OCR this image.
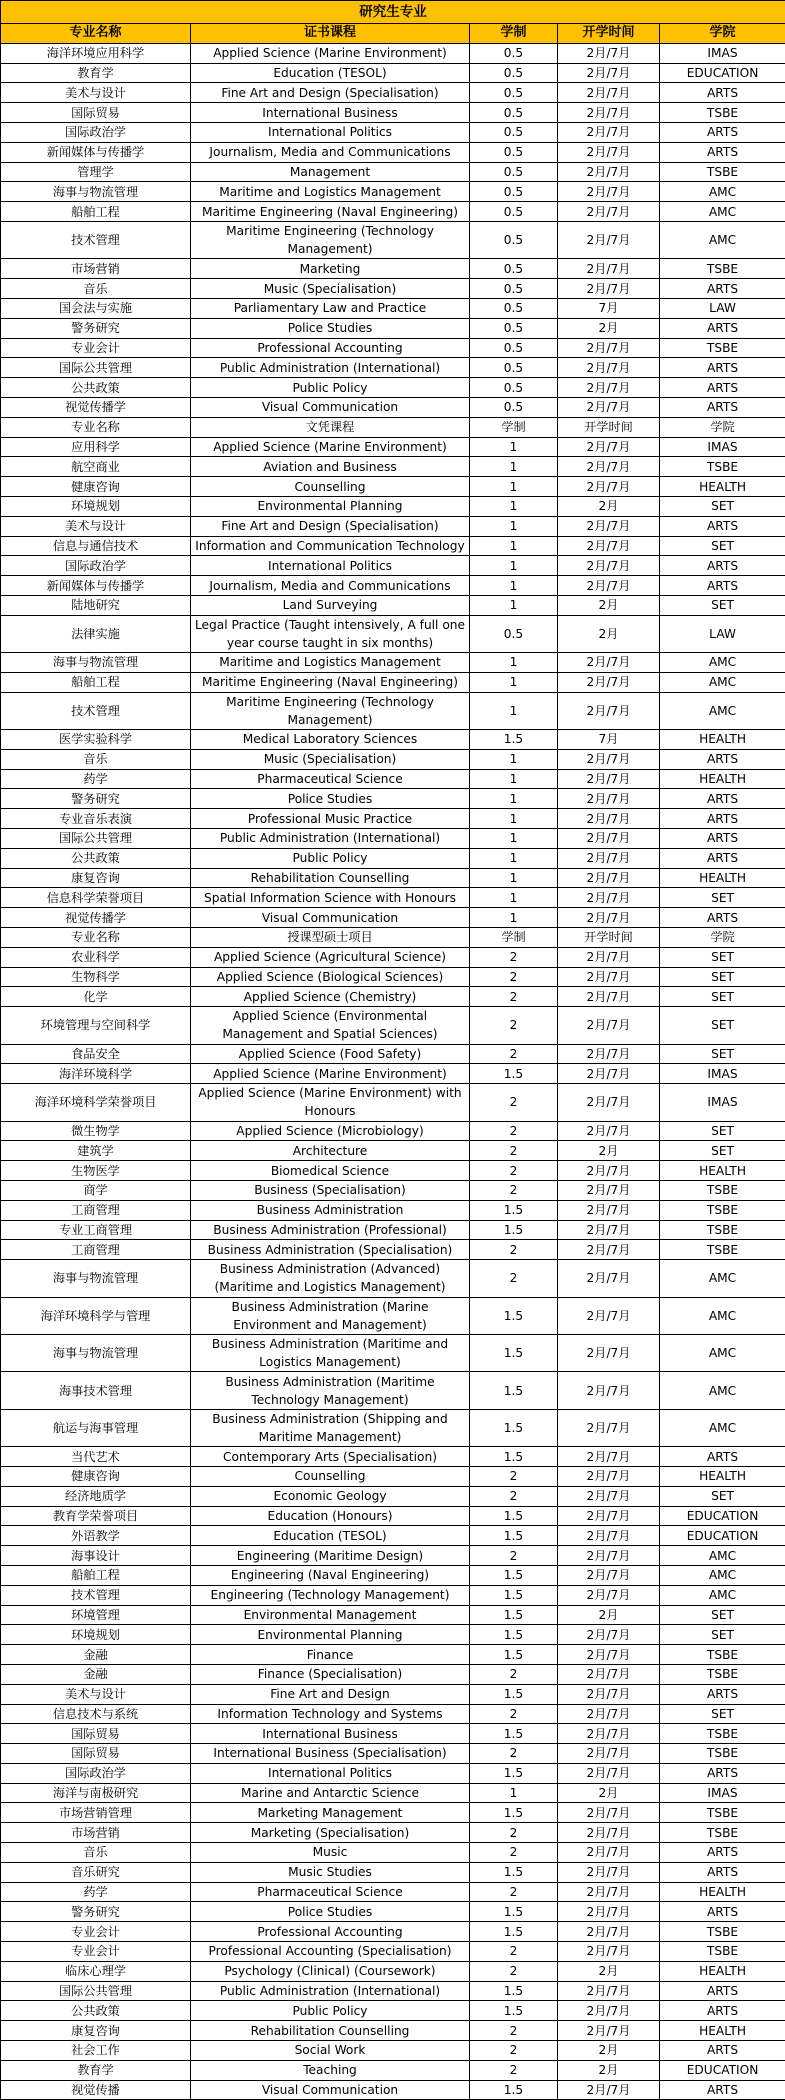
研究生专业				
专业名称	证书课程	学制	开学时间	学院
海洋环境应用科学	Applied Science (Marine Environment)	0.5	2月/7月	IMAS
教育学	Education (TESOL)	0.5	2月/7月	EDUCATION
美术与设计	Fine Art and Design (Specialisation)	0.5	2月/7月	ARTS
国际贸易	International Business	0.5	2月/7月	TSBE
国际政治学	International Politics	0.5	2月/7月	ARTS
新闻媒体与传播学	Journalism, Media and Communications	0.5	2月/7月	ARTS
管理学	Management	0.5	2月/7月	TSBE
海事与物流管理	Maritime and Logistics Management	0.5	2月/7月	AMC
船舶工程	Maritime Engineering (Naval Engineering)	0.5	2月/7月	AMC
技术管理	Maritime Engineering (Technology Management)	0.5	2月/7月	AMC
市场营销	Marketing	0.5	2月/7月	TSBE
音乐	Music (Specialisation)	0.5	2月/7月	ARTS
国会法与实施	Parliamentary Law and Practice	0.5	7月	LAW
警务研究	Police Studies	0.5	2月	ARTS
专业会计	Professional Accounting	0.5	2月/7月	TSBE
国际公共管理	Public Administration (International)	0.5	2月/7月	ARTS
公共政策	Public Policy	0.5	2月/7月	ARTS
视觉传播学	Visual Communication	0.5	2月/7月	ARTS
专业名称	文凭课程	学制	开学时间	学院
应用科学	Applied Science (Marine Environment)	1	2月/7月	IMAS
航空商业	Aviation and Business	1	2月/7月	TSBE
健康咨询	Counselling	1	2月/7月	HEALTH
环境规划	Environmental Planning	1	2月	SET
美术与设计	Fine Art and Design (Specialisation)	1	2月/7月	ARTS
信息与通信技术	Information and Communication Technology	1	2月/7月	SET
国际政治学	International Politics	1	2月/7月	ARTS
新闻媒体与传播学	Journalism, Media and Communications	1	2月/7月	ARTS
陆地研究	Land Surveying	1	2月	SET
法律实施	Legal Practice (Taught intensively, A full one year course taught in six months)	0.5	2月	LAW
海事与物流管理	Maritime and Logistics Management	1	2月/7月	AMC
船舶工程	Maritime Engineering (Naval Engineering)	1	2月/7月	AMC
技术管理	Maritime Engineering (Technology Management)	1	2月/7月	AMC
医学实验科学	Medical Laboratory Sciences	1.5	7月	HEALTH
音乐	Music (Specialisation)	1	2月/7月	ARTS
药学	Pharmaceutical Science	1	2月/7月	HEALTH
警务研究	Police Studies	1	2月/7月	ARTS
专业音乐表演	Professional Music Practice	1	2月/7月	ARTS
国际公共管理	Public Administration (International)	1	2月/7月	ARTS
公共政策	Public Policy	1	2月/7月	ARTS
康复咨询	Rehabilitation Counselling	1	2月/7月	HEALTH
信息科学荣誉项目	Spatial Information Science with Honours	1	2月/7月	SET
视觉传播学	Visual Communication	1	2月/7月	ARTS
专业名称	授课型硕士项目	学制	开学时间	学院
农业科学	Applied Science (Agricultural Science)	2	2月/7月	SET
生物科学	Applied Science (Biological Sciences)	2	2月/7月	SET
化学	Applied Science (Chemistry)	2	2月/7月	SET
环境管理与空间科学	Applied Science (Environmental Management and Spatial Sciences)	2	2月/7月	SET
食品安全	Applied Science (Food Safety)	2	2月/7月	SET
海洋环境科学	Applied Science (Marine Environment)	1.5	2月/7月	IMAS
海洋环境科学荣誉项目	Applied Science (Marine Environment) with Honours	2	2月/7月	IMAS
微生物学	Applied Science (Microbiology)	2	2月/7月	SET
建筑学	Architecture	2	2月	SET
生物医学	Biomedical Science	2	2月/7月	HEALTH
商学	Business (Specialisation)	2	2月/7月	TSBE
工商管理	Business Administration	1.5	2月/7月	TSBE
专业工商管理	Business Administration (Professional)	1.5	2月/7月	TSBE
工商管理	Business Administration (Specialisation)	2	2月/7月	TSBE
海事与物流管理	Business Administration (Advanced) (Maritime and Logistics Management)	2	2月/7月	AMC
海洋环境科学与管理	Business Administration (Marine Environment and Management)	1.5	2月/7月	AMC
海事与物流管理	Business Administration (Maritime and Logistics Management)	1.5	2月/7月	AMC
海事技术管理	Business Administration (Maritime Technology Management)	1.5	2月/7月	AMC
航运与海事管理	Business Administration (Shipping and Maritime Management)	1.5	2月/7月	AMC
当代艺术	Contemporary Arts (Specialisation)	1.5	2月/7月	ARTS
健康咨询	Counselling	2	2月/7月	HEALTH
经济地质学	Economic Geology	2	2月/7月	SET
教育学荣誉项目	Education (Honours)	1.5	2月/7月	EDUCATION
外语教学	Education (TESOL)	1.5	2月/7月	EDUCATION
海事设计	Engineering (Maritime Design)	2	2月/7月	AMC
船舶工程	Engineering (Naval Engineering)	1.5	2月/7月	AMC
技术管理	Engineering (Technology Management)	1.5	2月/7月	AMC
环境管理	Environmental Management	1.5	2月	SET
环境规划	Environmental Planning	1.5	2月/7月	SET
金融	Finance	1.5	2月/7月	TSBE
金融	Finance (Specialisation)	2	2月/7月	TSBE
美术与设计	Fine Art and Design	1.5	2月/7月	ARTS
信息技术与系统	Information Technology and Systems	2	2月/7月	SET
国际贸易	International Business	1.5	2月/7月	TSBE
国际贸易	International Business (Specialisation)	2	2月/7月	TSBE
国际政治学	International Politics	1.5	2月/7月	ARTS
海洋与南极研究	Marine and Antarctic Science	1	2月	IMAS
市场营销管理	Marketing Management	1.5	2月/7月	TSBE
市场营销	Marketing (Specialisation)	2	2月/7月	TSBE
音乐	Music	2	2月/7月	ARTS
音乐研究	Music Studies	1.5	2月/7月	ARTS
药学	Pharmaceutical Science	2	2月/7月	HEALTH
警务研究	Police Studies	1.5	2月/7月	ARTS
专业会计	Professional Accounting	1.5	2月/7月	TSBE
专业会计	Professional Accounting (Specialisation)	2	2月/7月	TSBE
临床心理学	Psychology (Clinical) (Coursework)	2	2月	HEALTH
国际公共管理	Public Administration (International)	1.5	2月/7月	ARTS
公共政策	Public Policy	1.5	2月/7月	ARTS
康复咨询	Rehabilitation Counselling	2	2月/7月	HEALTH
社会工作	Social Work	2	2月	ARTS
教育学	Teaching	2	2月	EDUCATION
视觉传播	Visual Communication	1.5	2月/7月	ARTS
